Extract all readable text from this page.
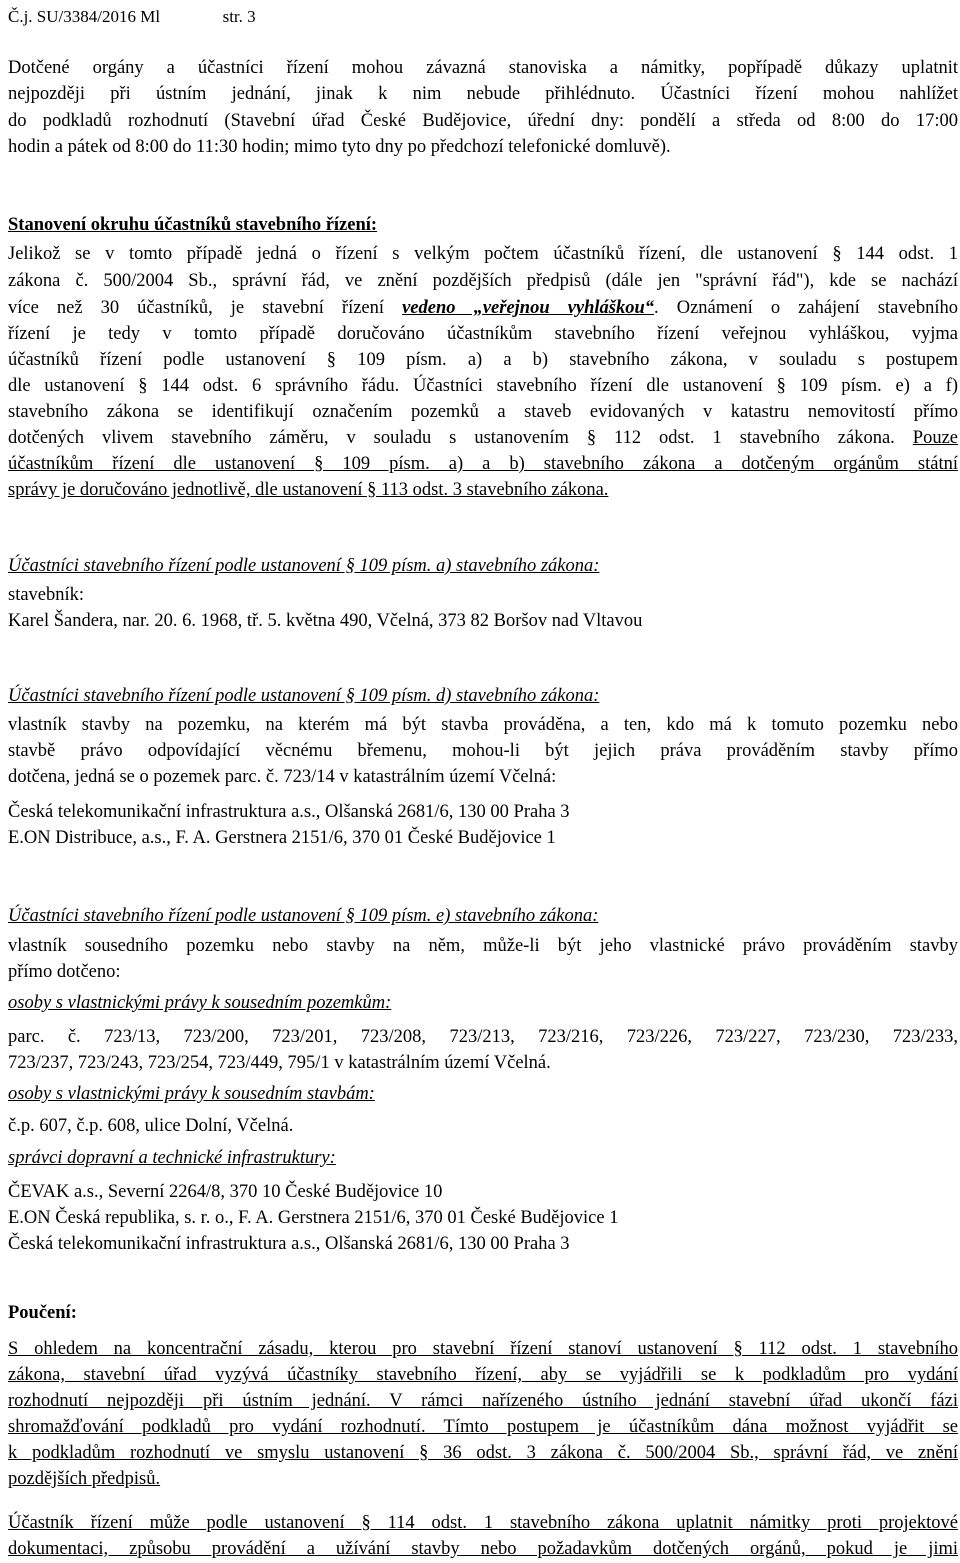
Č.j. SU/3384/2016 Ml	str. 3
Dotčené orgány a účastníci řízení mohou závazná stanoviska a námitky, popřípadě důkazy uplatnit
nejpozději při ústním jednání, jinak k nim nebude přihlédnuto. Účastníci řízení mohou nahlížet
do podkladů rozhodnutí (Stavební úřad České Budějovice, úřední dny: pondělí a středa od 8:00 do 17:00
hodin a pátek od 8:00 do 11:30 hodin; mimo tyto dny po předchozí telefonické domluvě).
Stanovení okruhu účastníků stavebního řízení:
Jelikož se v tomto případě jedná o řízení s velkým počtem účastníků řízení, dle ustanovení § 144 odst. 1
zákona č. 500/2004 Sb., správní řád, ve znění pozdějších předpisů (dále jen "správní řád"), kde se nachází
více než 30 účastníků, je stavební řízení vedeno „veřejnou vyhláškou“. Oznámení o zahájení stavebního
řízení je tedy v tomto případě doručováno účastníkům stavebního řízení veřejnou vyhláškou, vyjma
účastníků řízení podle ustanovení § 109 písm. a) a b) stavebního zákona, v souladu s postupem
dle ustanovení § 144 odst. 6 správního řádu. Účastníci stavebního řízení dle ustanovení § 109 písm. e) a f)
stavebního zákona se identifikují označením pozemků a staveb evidovaných v katastru nemovitostí přímo
dotčených vlivem stavebního záměru, v souladu s ustanovením § 112 odst. 1 stavebního zákona. Pouze
účastníkům řízení dle ustanovení § 109 písm. a) a b) stavebního zákona a dotčeným orgánům státní
správy je doručováno jednotlivě, dle ustanovení § 113 odst. 3 stavebního zákona.
Účastníci stavebního řízení podle ustanovení § 109 písm. a) stavebního zákona:
stavebník:
Karel Šandera, nar. 20. 6. 1968, tř. 5. května 490, Včelná, 373 82 Boršov nad Vltavou
Účastníci stavebního řízení podle ustanovení § 109 písm. d) stavebního zákona:
vlastník stavby na pozemku, na kterém má být stavba prováděna, a ten, kdo má k tomuto pozemku nebo
stavbě právo odpovídající věcnému břemenu, mohou-li být jejich práva prováděním stavby přímo
dotčena, jedná se o pozemek parc. č. 723/14 v katastrálním území Včelná:
Česká telekomunikační infrastruktura a.s., Olšanská 2681/6, 130 00 Praha 3
E.ON Distribuce, a.s., F. A. Gerstnera 2151/6, 370 01 České Budějovice 1
Účastníci stavebního řízení podle ustanovení § 109 písm. e) stavebního zákona:
vlastník sousedního pozemku nebo stavby na něm, může-li být jeho vlastnické právo prováděním stavby
přímo dotčeno:
osoby s vlastnickými právy k sousedním pozemkům:
parc. č. 723/13, 723/200, 723/201, 723/208, 723/213, 723/216, 723/226, 723/227, 723/230, 723/233,
723/237, 723/243, 723/254, 723/449, 795/1 v katastrálním území Včelná.
osoby s vlastnickými právy k sousedním stavbám:
č.p. 607, č.p. 608, ulice Dolní, Včelná.
správci dopravní a technické infrastruktury:
ČEVAK a.s., Severní 2264/8, 370 10 České Budějovice 10
E.ON Česká republika, s. r. o., F. A. Gerstnera 2151/6, 370 01 České Budějovice 1
Česká telekomunikační infrastruktura a.s., Olšanská 2681/6, 130 00 Praha 3
Poučení:
S ohledem na koncentrační zásadu, kterou pro stavební řízení stanoví ustanovení § 112 odst. 1 stavebního
zákona, stavební úřad vyzývá účastníky stavebního řízení, aby se vyjádřili se k podkladům pro vydání
rozhodnutí nejpozději při ústním jednání. V rámci nařízeného ústního jednání stavební úřad ukončí fázi
shromažďování podkladů pro vydání rozhodnutí. Tímto postupem je účastníkům dána možnost vyjádřit se
k podkladům rozhodnutí ve smyslu ustanovení § 36 odst. 3 zákona č. 500/2004 Sb., správní řád, ve znění
pozdějších předpisů.
Účastník řízení může podle ustanovení § 114 odst. 1 stavebního zákona uplatnit námitky proti projektové
dokumentaci, způsobu provádění a užívání stavby nebo požadavkům dotčených orgánů, pokud je jimi
